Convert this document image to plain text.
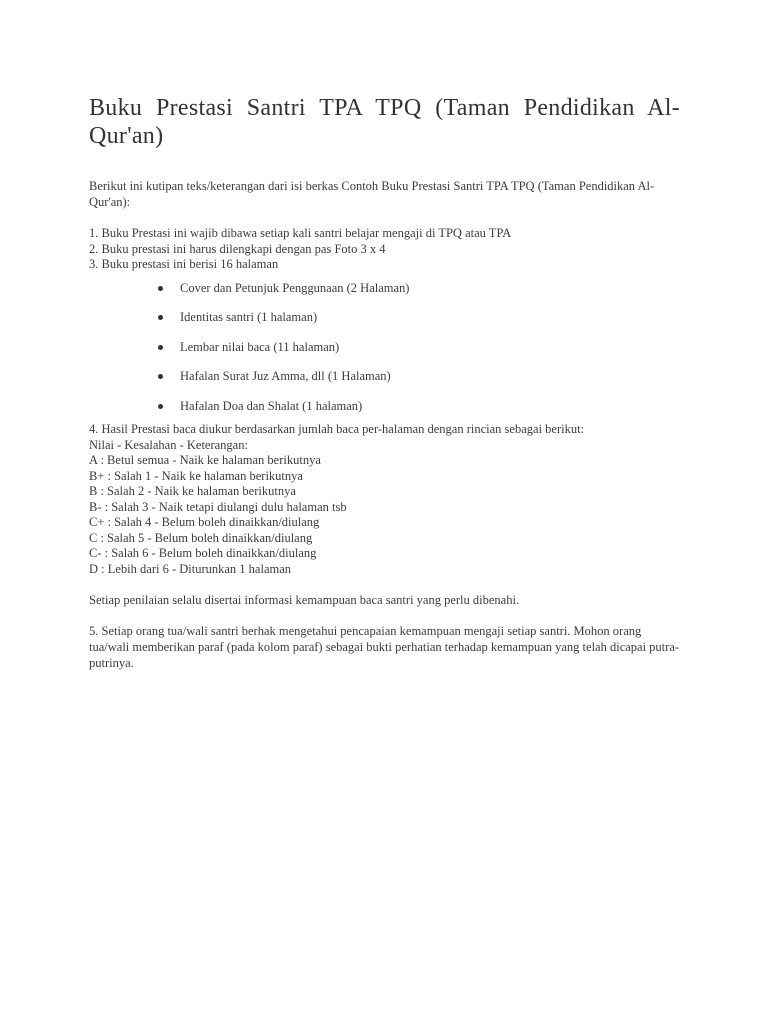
Buku Prestasi Santri TPA TPQ (Taman Pendidikan Al-Qur'an)

Berikut ini kutipan teks/keterangan dari isi berkas Contoh Buku Prestasi Santri TPA TPQ (Taman Pendidikan Al-Qur'an):

1. Buku Prestasi ini wajib dibawa setiap kali santri belajar mengaji di TPQ atau TPA
2. Buku prestasi ini harus dilengkapi dengan pas Foto 3 x 4
3. Buku prestasi ini berisi 16 halaman
Cover dan Petunjuk Penggunaan (2 Halaman)
Identitas santri (1 halaman)
Lembar nilai baca (11 halaman)
Hafalan Surat Juz Amma, dll (1 Halaman)
Hafalan Doa dan Shalat (1 halaman)
4. Hasil Prestasi baca diukur berdasarkan jumlah baca per-halaman dengan rincian sebagai berikut:
Nilai - Kesalahan - Keterangan:
A : Betul semua - Naik ke halaman berikutnya
B+ : Salah 1 - Naik ke halaman berikutnya
B : Salah 2 - Naik ke halaman berikutnya
B- : Salah 3 - Naik tetapi diulangi dulu halaman tsb
C+ : Salah 4 - Belum boleh dinaikkan/diulang
C : Salah 5 - Belum boleh dinaikkan/diulang
C- : Salah 6 - Belum boleh dinaikkan/diulang
D : Lebih dari 6 - Diturunkan 1 halaman

Setiap penilaian selalu disertai informasi kemampuan baca santri yang perlu dibenahi.

5. Setiap orang tua/wali santri berhak mengetahui pencapaian kemampuan mengaji setiap santri. Mohon orang tua/wali memberikan paraf (pada kolom paraf) sebagai bukti perhatian terhadap kemampuan yang telah dicapai putra-putrinya.
